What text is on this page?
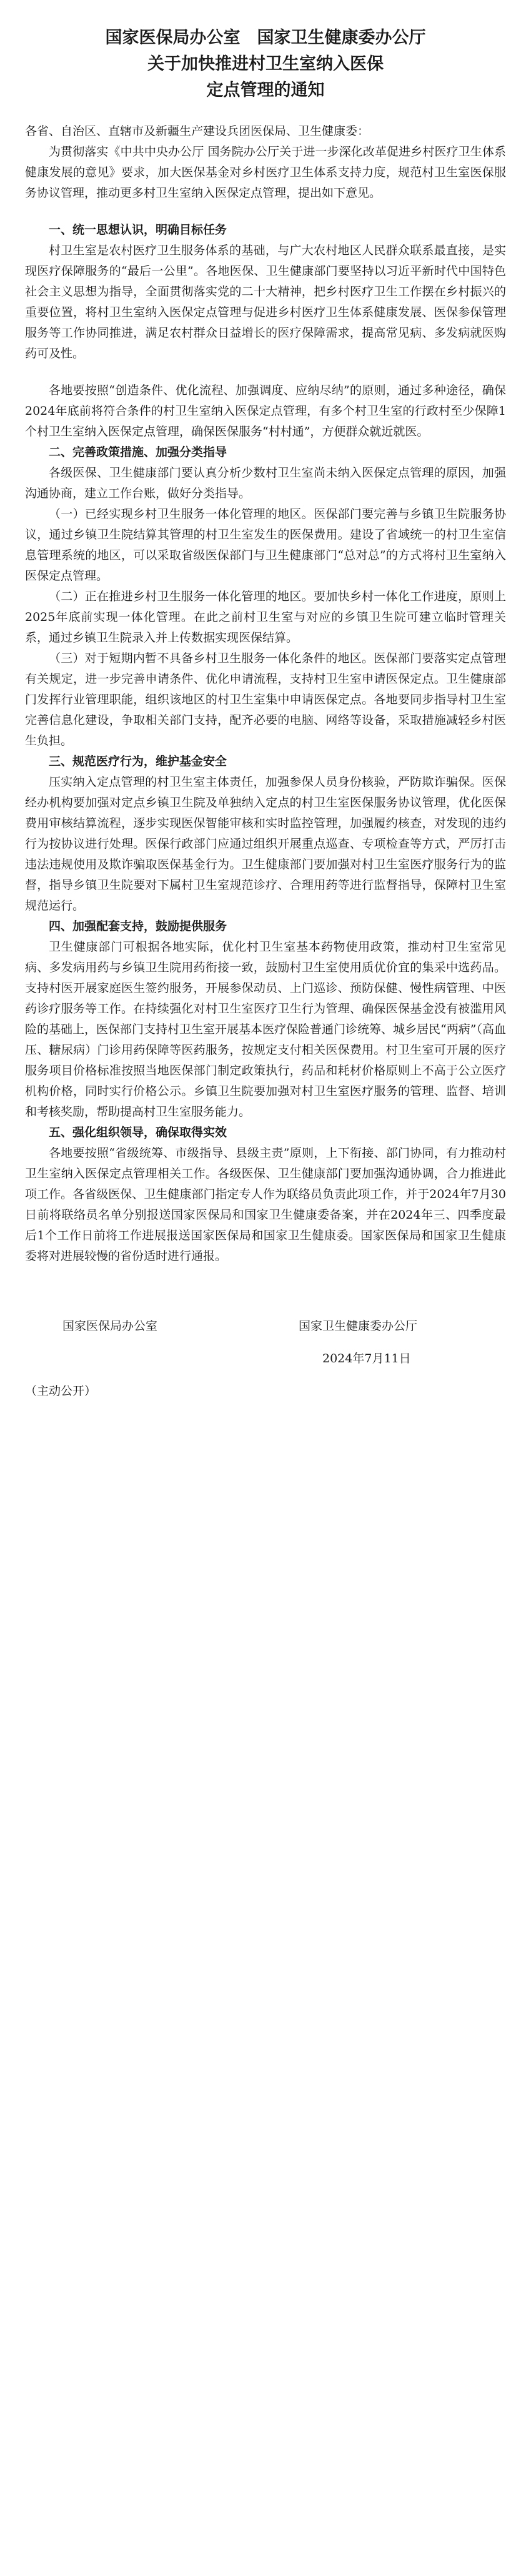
国家医保局办公室　国家卫生健康委办公厅
关于加快推进村卫生室纳入医保
定点管理的通知

各省、自治区、直辖市及新疆生产建设兵团医保局、卫生健康委：

为贯彻落实《中共中央办公厅 国务院办公厅关于进一步深化改革促进乡村医疗卫生体系健康发展的意见》要求，加大医保基金对乡村医疗卫生体系支持力度，规范村卫生室医保服务协议管理，推动更多村卫生室纳入医保定点管理，提出如下意见。

一、统一思想认识，明确目标任务

村卫生室是农村医疗卫生服务体系的基础，与广大农村地区人民群众联系最直接，是实现医疗保障服务的“最后一公里”。各地医保、卫生健康部门要坚持以习近平新时代中国特色社会主义思想为指导，全面贯彻落实党的二十大精神，把乡村医疗卫生工作摆在乡村振兴的重要位置，将村卫生室纳入医保定点管理与促进乡村医疗卫生体系健康发展、医保参保管理服务等工作协同推进，满足农村群众日益增长的医疗保障需求，提高常见病、多发病就医购药可及性。

各地要按照“创造条件、优化流程、加强调度、应纳尽纳”的原则，通过多种途径，确保2024年底前将符合条件的村卫生室纳入医保定点管理，有多个村卫生室的行政村至少保障1个村卫生室纳入医保定点管理，确保医保服务“村村通”，方便群众就近就医。

二、完善政策措施、加强分类指导

各级医保、卫生健康部门要认真分析少数村卫生室尚未纳入医保定点管理的原因，加强沟通协商，建立工作台账，做好分类指导。

（一）已经实现乡村卫生服务一体化管理的地区。医保部门要完善与乡镇卫生院服务协议，通过乡镇卫生院结算其管理的村卫生室发生的医保费用。建设了省域统一的村卫生室信息管理系统的地区，可以采取省级医保部门与卫生健康部门“总对总”的方式将村卫生室纳入医保定点管理。

（二）正在推进乡村卫生服务一体化管理的地区。要加快乡村一体化工作进度，原则上2025年底前实现一体化管理。在此之前村卫生室与对应的乡镇卫生院可建立临时管理关系，通过乡镇卫生院录入并上传数据实现医保结算。

（三）对于短期内暂不具备乡村卫生服务一体化条件的地区。医保部门要落实定点管理有关规定，进一步完善申请条件、优化申请流程，支持村卫生室申请医保定点。卫生健康部门发挥行业管理职能，组织该地区的村卫生室集中申请医保定点。各地要同步指导村卫生室完善信息化建设，争取相关部门支持，配齐必要的电脑、网络等设备，采取措施减轻乡村医生负担。

三、规范医疗行为，维护基金安全

压实纳入定点管理的村卫生室主体责任，加强参保人员身份核验，严防欺诈骗保。医保经办机构要加强对定点乡镇卫生院及单独纳入定点的村卫生室医保服务协议管理，优化医保费用审核结算流程，逐步实现医保智能审核和实时监控管理，加强履约核查，对发现的违约行为按协议进行处理。医保行政部门应通过组织开展重点巡查、专项检查等方式，严厉打击违法违规使用及欺诈骗取医保基金行为。卫生健康部门要加强对村卫生室医疗服务行为的监督，指导乡镇卫生院要对下属村卫生室规范诊疗、合理用药等进行监督指导，保障村卫生室规范运行。

四、加强配套支持，鼓励提供服务

卫生健康部门可根据各地实际，优化村卫生室基本药物使用政策，推动村卫生室常见病、多发病用药与乡镇卫生院用药衔接一致，鼓励村卫生室使用质优价宜的集采中选药品。支持村医开展家庭医生签约服务，开展参保动员、上门巡诊、预防保健、慢性病管理、中医药诊疗服务等工作。在持续强化对村卫生室医疗卫生行为管理、确保医保基金没有被滥用风险的基础上，医保部门支持村卫生室开展基本医疗保险普通门诊统筹、城乡居民“两病”（高血压、糖尿病）门诊用药保障等医药服务，按规定支付相关医保费用。村卫生室可开展的医疗服务项目价格标准按照当地医保部门制定政策执行，药品和耗材价格原则上不高于公立医疗机构价格，同时实行价格公示。乡镇卫生院要加强对村卫生室医疗服务的管理、监督、培训和考核奖励，帮助提高村卫生室服务能力。

五、强化组织领导，确保取得实效

各地要按照“省级统筹、市级指导、县级主责”原则，上下衔接、部门协同，有力推动村卫生室纳入医保定点管理相关工作。各级医保、卫生健康部门要加强沟通协调，合力推进此项工作。各省级医保、卫生健康部门指定专人作为联络员负责此项工作，并于2024年7月30日前将联络员名单分别报送国家医保局和国家卫生健康委备案，并在2024年三、四季度最后1个工作日前将工作进展报送国家医保局和国家卫生健康委。国家医保局和国家卫生健康委将对进展较慢的省份适时进行通报。

国家医保局办公室	国家卫生健康委办公厅
2024年7月11日
（主动公开）
